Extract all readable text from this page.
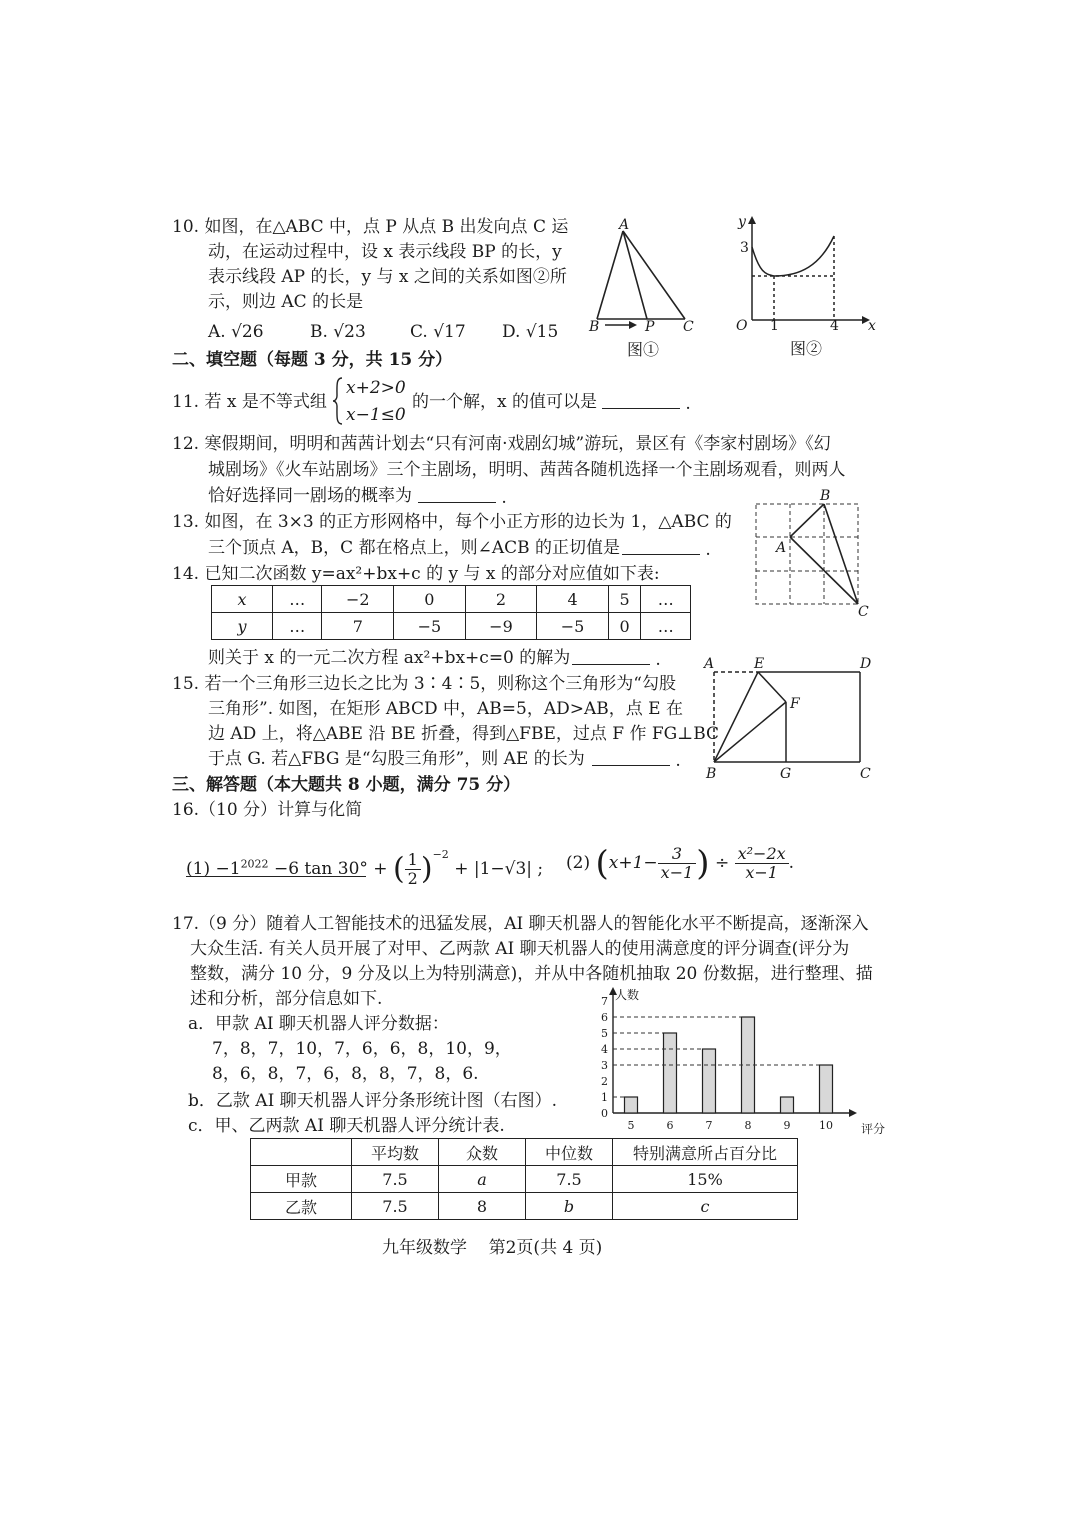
10. 如图，在△ABC 中，点 P 从点 B 出发向点 C 运
动，在运动过程中，设 x 表示线段 BP 的长，y
表示线段 AP 的长，y 与 x 之间的关系如图②所
示，则边 AC 的长是
A. √26	B. √23	C. √17 D. √15
A
B	P C
图①
y
x
O
3
1	4
图②
二、填空题（每题 3 分，共 15 分）
11. 若 x 是不等式组
x+2>0
x−1≤0
的一个解，x 的值可以是	.
12. 寒假期间，明明和茜茜计划去“只有河南·戏剧幻城”游玩，景区有《李家村剧场》《幻
城剧场》《火车站剧场》三个主剧场，明明、茜茜各随机选择一个主剧场观看，则两人
恰好选择同一剧场的概率为	.
13. 如图，在 3×3 的正方形网格中，每个小正方形的边长为 1，△ABC 的
三个顶点 A，B，C 都在格点上，则∠ACB 的正切值是	.
B
A
C
14. 已知二次函数 y=ax²+bx+c 的 y 与 x 的部分对应值如下表:
x	…	−2	0	2	4	5	…
y	…	7	−5	−9	−5	0	…
则关于 x 的一元二次方程 ax²+bx+c=0 的解为	.
15. 若一个三角形三边长之比为 3∶4∶5，则称这个三角形为“勾股
三角形”. 如图，在矩形 ABCD 中，AB=5，AD>AB，点 E 在
边 AD 上，将△ABE 沿 BE 折叠，得到△FBE，过点 F 作 FG⊥BC
于点 G. 若△FBG 是“勾股三角形”，则 AE 的长为	.
A	E	D
F
B	G	C
三、解答题（本大题共 8 小题，满分 75 分）
16.（10 分）计算与化简
$(1) -1^{2022} -6$ tan 30° + ( $\frac{1}{2} )^{-2} + |1-√3|$ ; (2) ($x+1- \frac{3}{x-1}$ ) ÷ $\frac{\text{x²−2x}}{x-1}$ .
17.（9 分）随着人工智能技术的迅猛发展，AI 聊天机器人的智能化水平不断提高，逐渐深入
大众生活. 有关人员开展了对甲、乙两款 AI 聊天机器人的使用满意度的评分调查(评分为
整数，满分 10 分，9 分及以上为特别满意)，并从中各随机抽取 20 份数据，进行整理、描
述和分析，部分信息如下.
a．甲款 AI 聊天机器人评分数据：
7，8，7，10，7，6，6，8，10，9，
8，6，8，7，6，8，8，7，8，6.
b．乙款 AI 聊天机器人评分条形统计图（右图）.
c．甲、乙两款 AI 聊天机器人评分统计表.
0
1
2
3
4
5
6
7 人数
评分
5	6	7	8	9	10
	平均数	众数	中位数	特别满意所占百分比
甲款	7.5	a	7.5	15%
乙款	7.5	8	b	c
九年级数学    第2页(共 4 页)
